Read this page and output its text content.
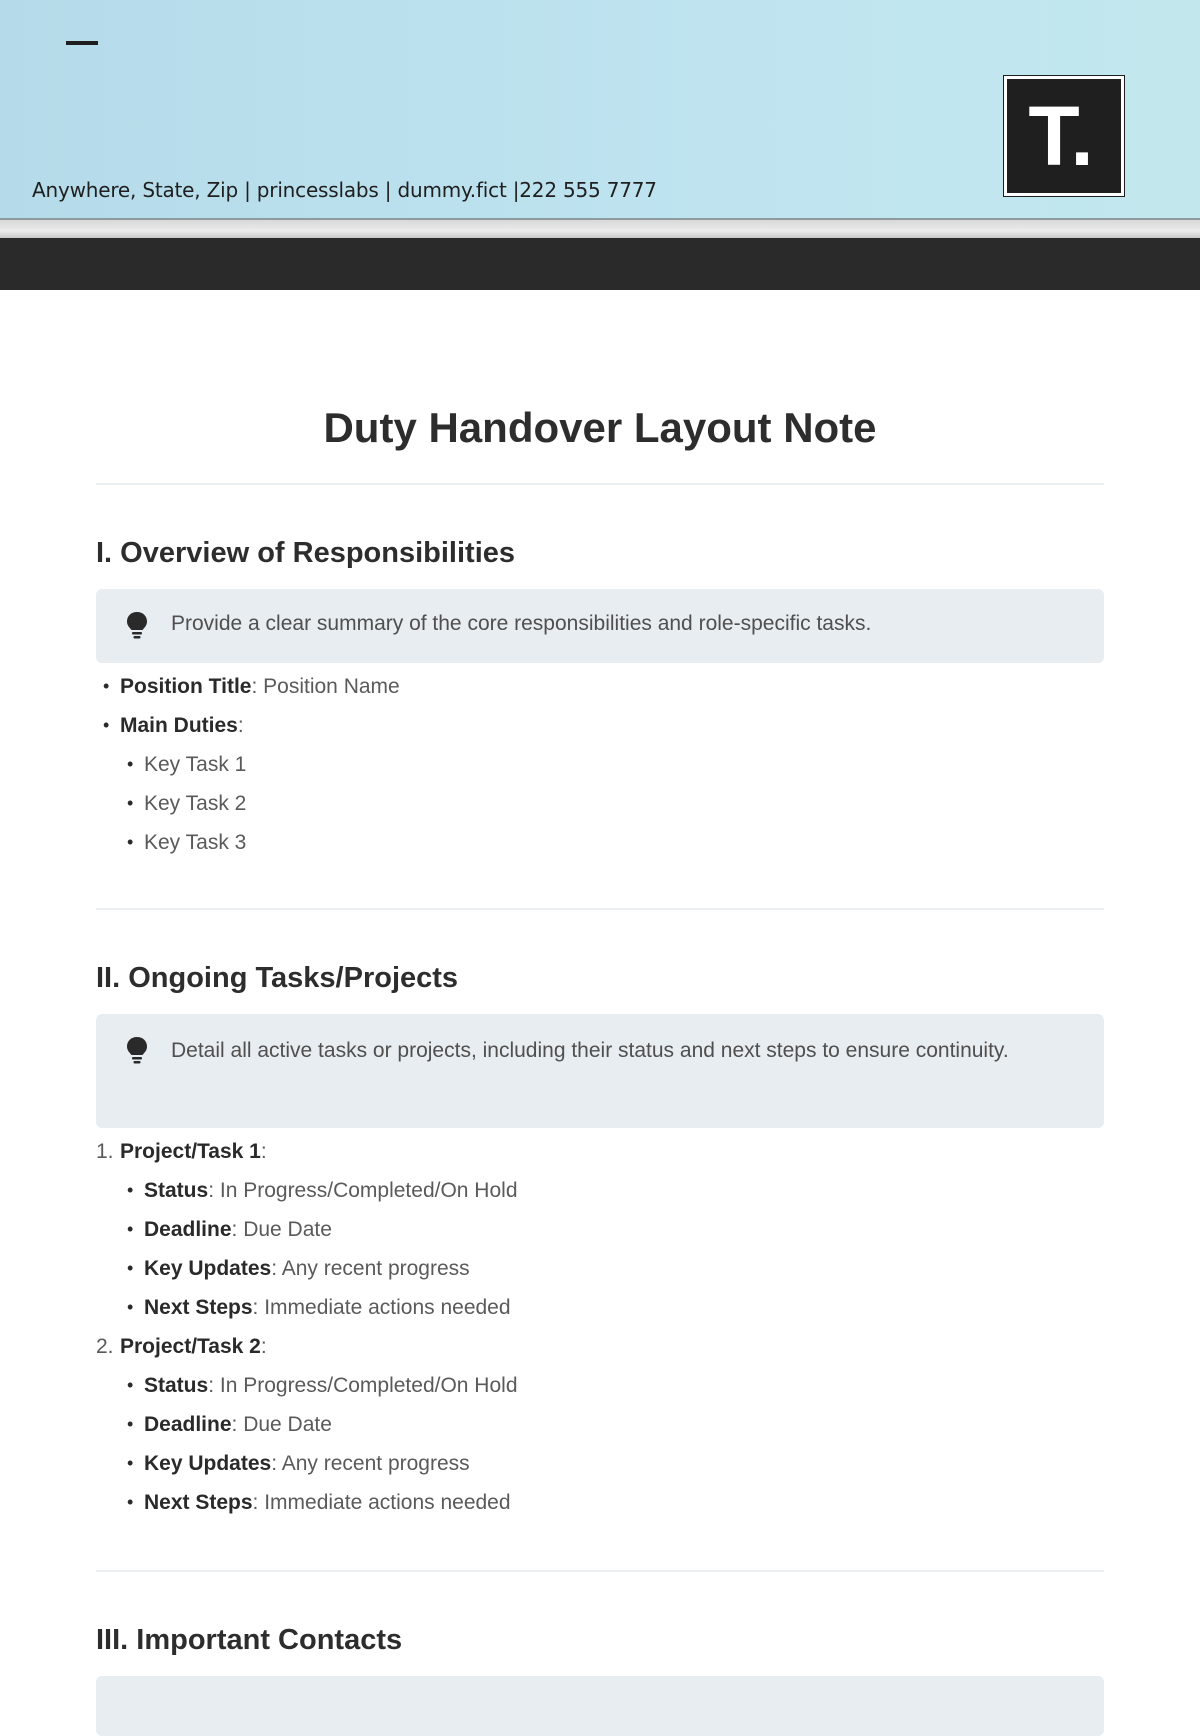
Anywhere, State, Zip | princesslabs | dummy.fict |222 555 7777
T.
Duty Handover Layout Note
I. Overview of Responsibilities
Provide a clear summary of the core responsibilities and role-specific tasks.
• Position Title: Position Name
• Main Duties:
• Key Task 1
• Key Task 2
• Key Task 3
II. Ongoing Tasks/Projects
Detail all active tasks or projects, including their status and next steps to ensure continuity.
1. Project/Task 1:
• Status: In Progress/Completed/On Hold
• Deadline: Due Date
• Key Updates: Any recent progress
• Next Steps: Immediate actions needed
2. Project/Task 2:
• Status: In Progress/Completed/On Hold
• Deadline: Due Date
• Key Updates: Any recent progress
• Next Steps: Immediate actions needed
III. Important Contacts
